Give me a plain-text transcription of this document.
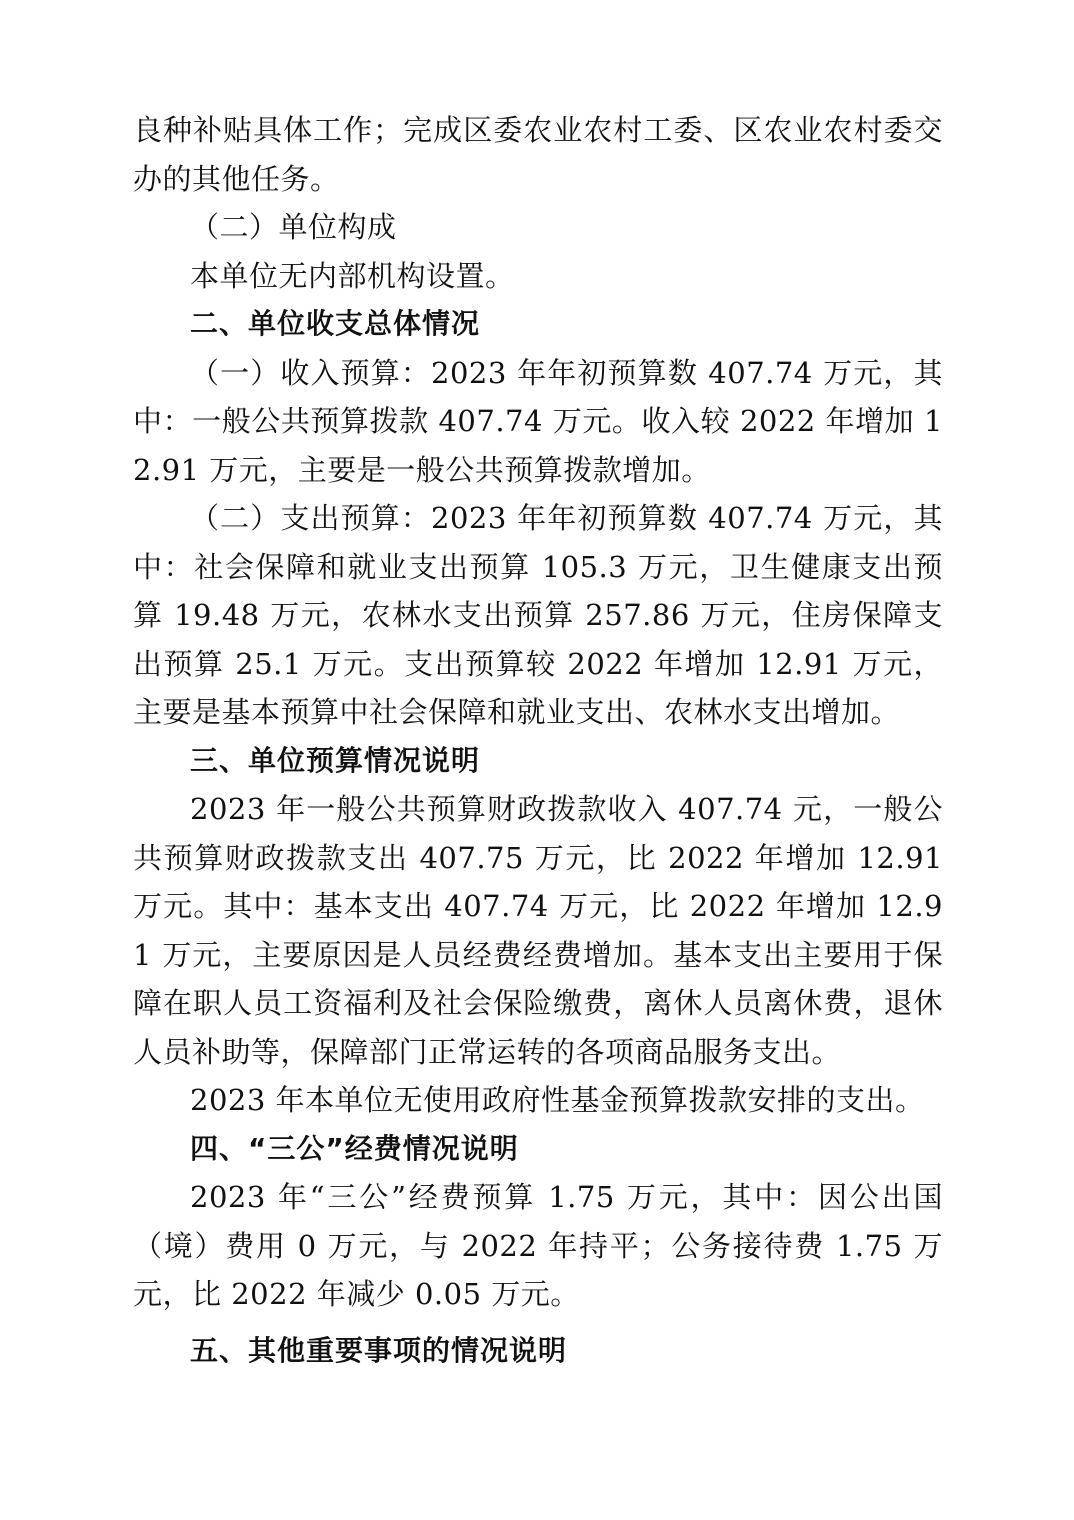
良种补贴具体工作；完成区委农业农村工委、区农业农村委交办的其他任务。

（二）单位构成

本单位无内部机构设置。

二、单位收支总体情况

（一）收入预算：2023 年年初预算数 407.74 万元，其中：一般公共预算拨款 407.74 万元。收入较 2022 年增加 12.91 万元，主要是一般公共预算拨款增加。

（二）支出预算：2023 年年初预算数 407.74 万元，其中：社会保障和就业支出预算 105.3 万元，卫生健康支出预算 19.48 万元，农林水支出预算 257.86 万元，住房保障支出预算 25.1 万元。支出预算较 2022 年增加 12.91 万元，主要是基本预算中社会保障和就业支出、农林水支出增加。

三、单位预算情况说明

2023 年一般公共预算财政拨款收入 407.74 元，一般公共预算财政拨款支出 407.75 万元，比 2022 年增加 12.91 万元。其中：基本支出 407.74 万元，比 2022 年增加 12.91 万元，主要原因是人员经费经费增加。基本支出主要用于保障在职人员工资福利及社会保险缴费，离休人员离休费，退休人员补助等，保障部门正常运转的各项商品服务支出。

2023 年本单位无使用政府性基金预算拨款安排的支出。

四、“三公”经费情况说明

2023 年“三公”经费预算 1.75 万元，其中：因公出国（境）费用 0 万元，与 2022 年持平；公务接待费 1.75 万元，比 2022 年减少 0.05 万元。

五、其他重要事项的情况说明
